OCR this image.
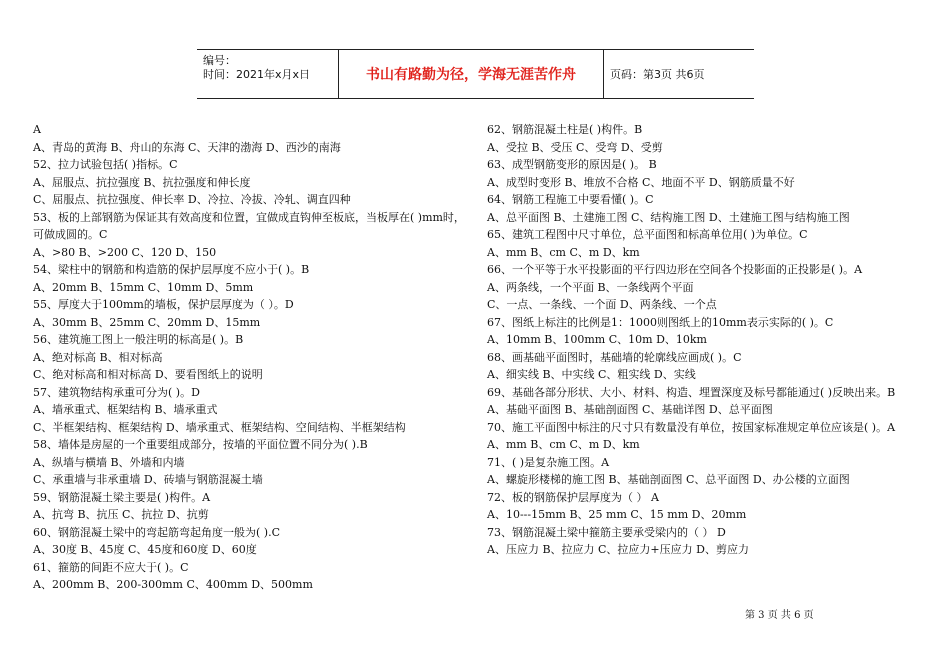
编号：
时间：2021年x月x日	书山有路勤为径，学海无涯苦作舟	页码：第3页 共6页
A
A、青岛的黄海 B、舟山的东海 C、天津的渤海 D、西沙的南海
52、拉力试验包括( )指标。C
A、屈服点、抗拉强度 B、抗拉强度和伸长度
C、屈服点、抗拉强度、伸长率 D、冷拉、冷拔、冷轧、调直四种
53、板的上部钢筋为保证其有效高度和位置，宜做成直钩伸至板底，当板厚在( )mm时，可做成圆的。C
A、>80 B、>200 C、120 D、150
54、梁柱中的钢筋和构造筋的保护层厚度不应小于( )。B
A、20mm B、15mm C、10mm D、5mm
55、厚度大于100mm的墙板，保护层厚度为（ ）。D
A、30mm B、25mm C、20mm D、15mm
56、建筑施工图上一般注明的标高是( )。B
A、绝对标高 B、相对标高
C、绝对标高和相对标高 D、要看图纸上的说明
57、建筑物结构承重可分为( )。D
A、墙承重式、框架结构 B、墙承重式
C、半框架结构、框架结构 D、墙承重式、框架结构、空间结构、半框架结构
58、墙体是房屋的一个重要组成部分，按墙的平面位置不同分为( ).B
A、纵墙与横墙 B、外墙和内墙
C、承重墙与非承重墙 D、砖墙与钢筋混凝土墙
59、钢筋混凝土梁主要是( )构件。A
A、抗弯 B、抗压 C、抗拉 D、抗剪
60、钢筋混凝土梁中的弯起筋弯起角度一般为( ).C
A、30度 B、45度 C、45度和60度 D、60度
61、箍筋的间距不应大于( )。C
A、200mm B、200-300mm C、400mm D、500mm
62、钢筋混凝土柱是( )构件。B
A、受拉 B、受压 C、受弯 D、受剪
63、成型钢筋变形的原因是( )。 B
A、成型时变形 B、堆放不合格 C、地面不平 D、钢筋质量不好
64、钢筋工程施工中要看懂( )。C
A、总平面图 B、土建施工图 C、结构施工图 D、土建施工图与结构施工图
65、建筑工程图中尺寸单位，总平面图和标高单位用( )为单位。C
A、mm B、cm C、m D、km
66、一个平等于水平投影面的平行四边形在空间各个投影面的正投影是( )。A
A、两条线，一个平面 B、一条线两个平面
C、一点、一条线、一个面 D、两条线、一个点
67、图纸上标注的比例是1：1000则图纸上的10mm表示实际的( )。C
A、10mm B、100mm C、10m D、10km
68、画基础平面图时，基础墙的轮廓线应画成( )。C
A、细实线 B、中实线 C、粗实线 D、实线
69、基础各部分形状、大小、材料、构造、埋置深度及标号都能通过( )反映出来。B
A、基础平面图 B、基础剖面图 C、基础详图 D、总平面图
70、施工平面图中标注的尺寸只有数量没有单位，按国家标准规定单位应该是( )。A
A、mm B、cm C、m D、km
71、( )是复杂施工图。A
A、螺旋形楼梯的施工图 B、基础剖面图 C、总平面图 D、办公楼的立面图
72、板的钢筋保护层厚度为（ ） A
A、10---15mm B、25 mm C、15 mm D、20mm
73、钢筋混凝土梁中箍筋主要承受梁内的（ ） D
A、压应力 B、拉应力 C、拉应力+压应力 D、剪应力
第 3 页 共 6 页
